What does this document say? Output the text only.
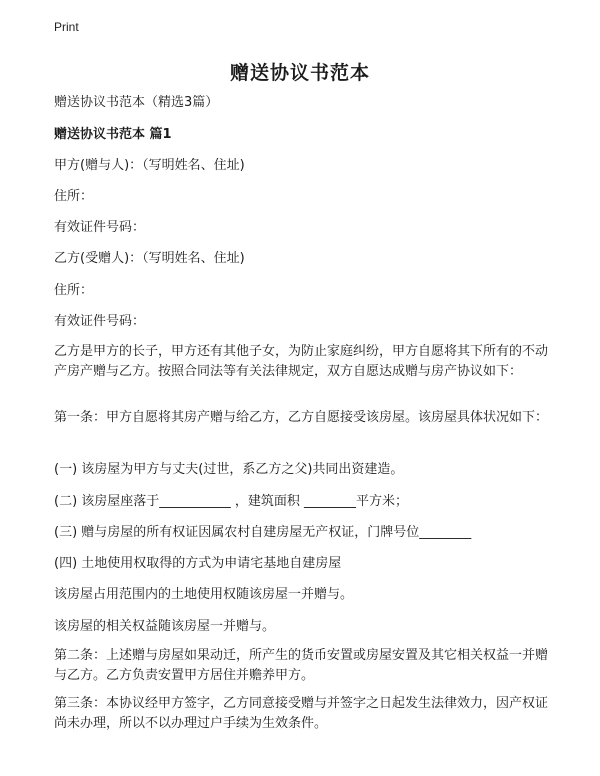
Print
赠送协议书范本
赠送协议书范本（精选3篇）
赠送协议书范本 篇1
甲方(赠与人)：（写明姓名、住址)
住所：
有效证件号码：
乙方(受赠人)：（写明姓名、住址)
住所：
有效证件号码：
乙方是甲方的长子，甲方还有其他子女，为防止家庭纠纷，甲方自愿将其下所有的不动产房产赠与乙方。按照合同法等有关法律规定，双方自愿达成赠与房产协议如下：
第一条：甲方自愿将其房产赠与给乙方，乙方自愿接受该房屋。该房屋具体状况如下：
(一) 该房屋为甲方与丈夫(过世，系乙方之父)共同出资建造。
(二) 该房屋座落于___________ ，建筑面积 ________平方米；
(三) 赠与房屋的所有权证因属农村自建房屋无产权证，门牌号位________
(四) 土地使用权取得的方式为申请宅基地自建房屋
该房屋占用范围内的土地使用权随该房屋一并赠与。
该房屋的相关权益随该房屋一并赠与。
第二条：上述赠与房屋如果动迁，所产生的货币安置或房屋安置及其它相关权益一并赠与乙方。乙方负责安置甲方居住并赡养甲方。
第三条：本协议经甲方签字，乙方同意接受赠与并签字之日起发生法律效力，因产权证尚未办理，所以不以办理过户手续为生效条件。
